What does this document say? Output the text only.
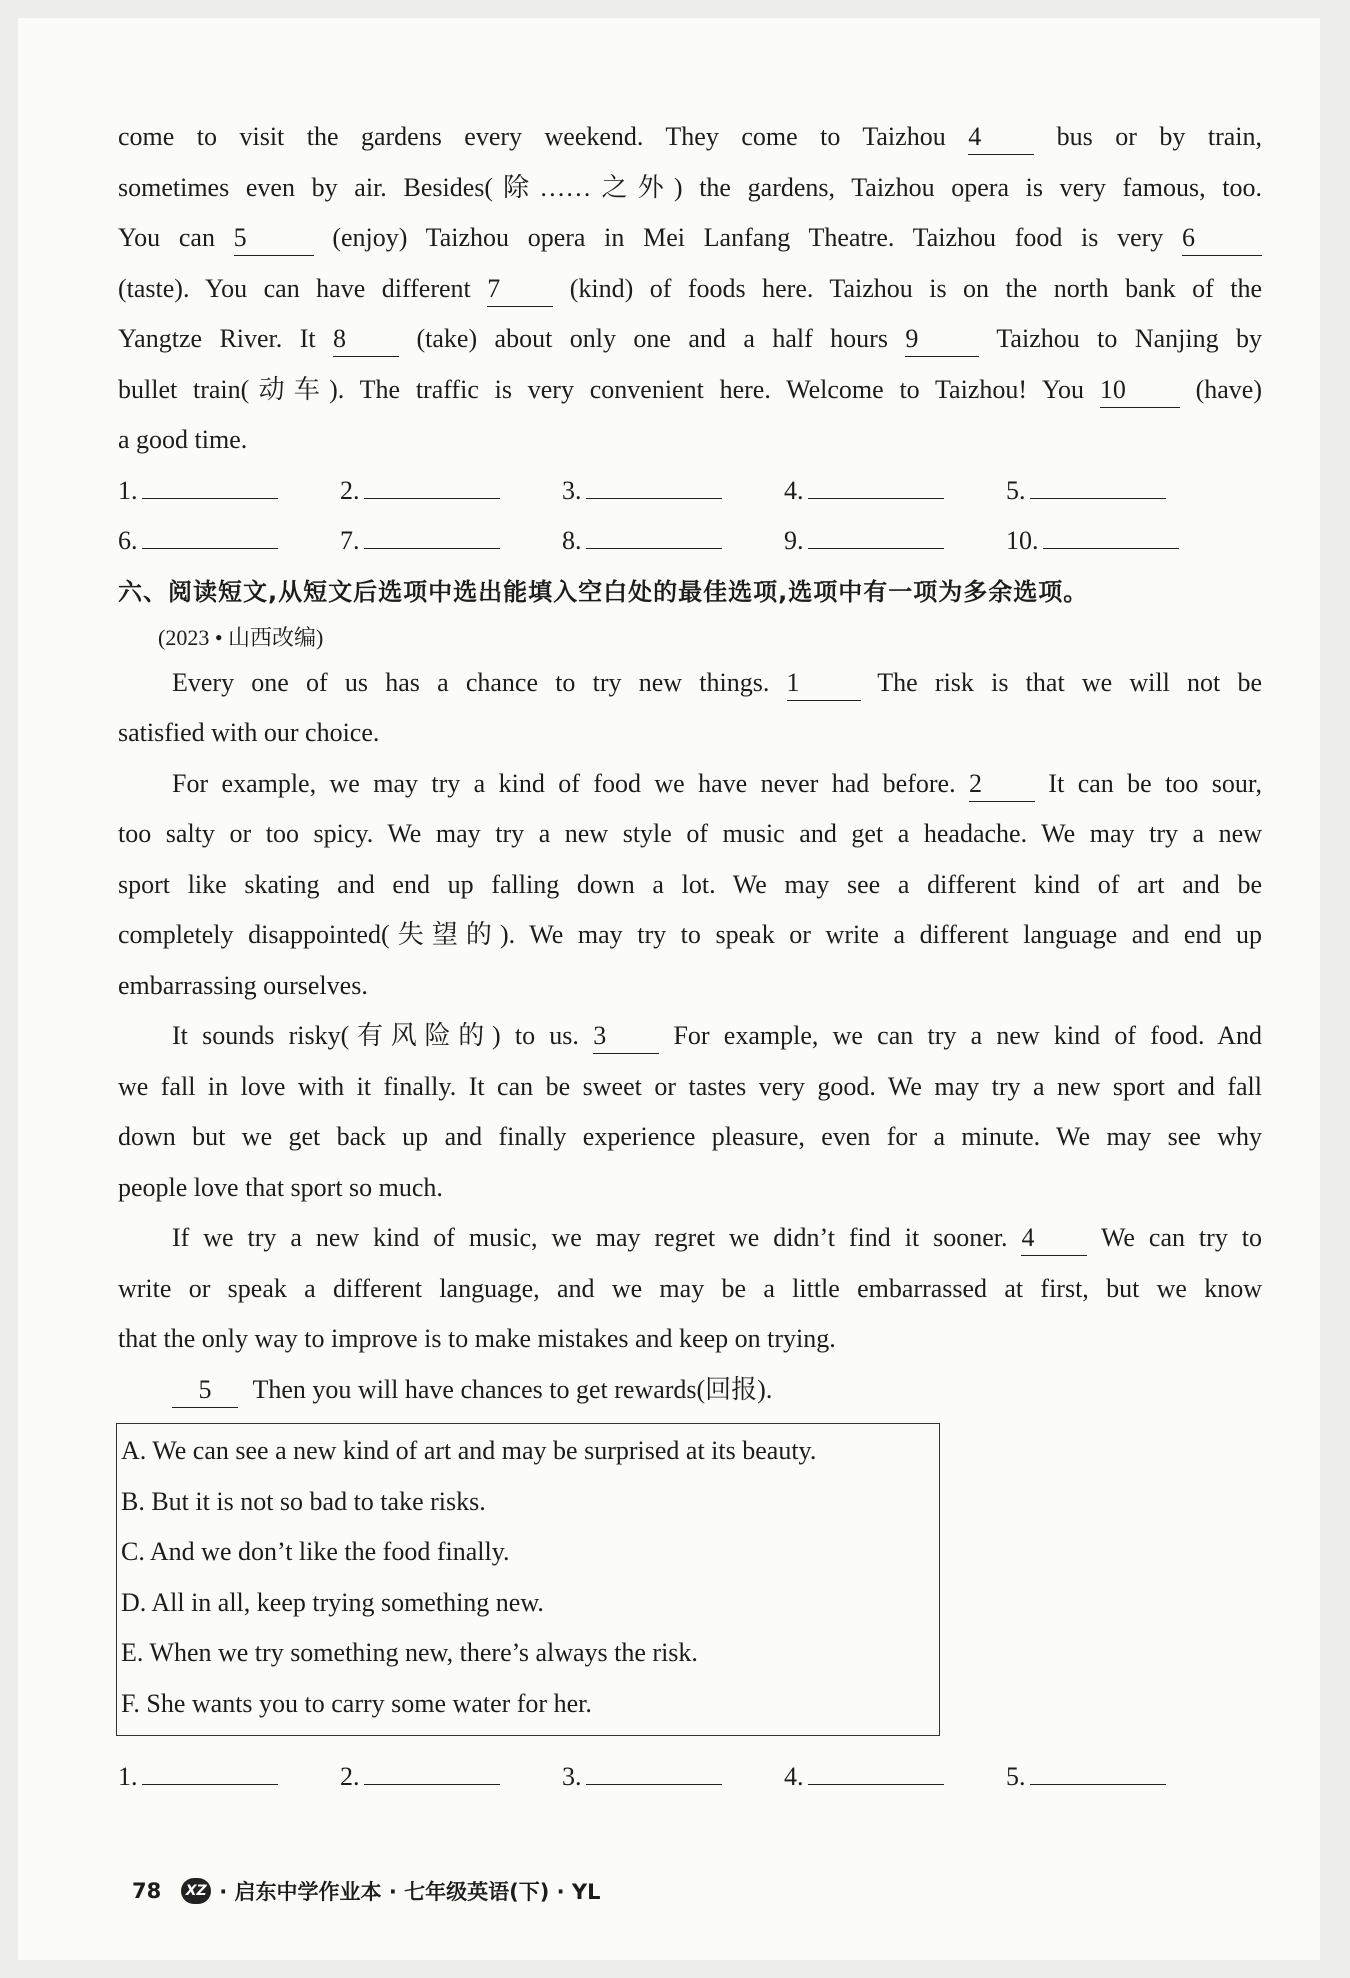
come to visit the gardens every weekend. They come to Taizhou 4	bus or by train,
sometimes even by air. Besides(除……之外) the gardens, Taizhou opera is very famous, too.
You can 5	(enjoy) Taizhou opera in Mei Lanfang Theatre. Taizhou food is very 6
(taste). You can have different 7	(kind) of foods here. Taizhou is on the north bank of the
Yangtze River. It 8	(take) about only one and a half hours 9	Taizhou to Nanjing by
bullet train(动车). The traffic is very convenient here. Welcome to Taizhou! You 10	(have)
a good time.
1.	2.	3.	4.	5.
6.	7.	8.	9.	10.
六、阅读短文,从短文后选项中选出能填入空白处的最佳选项,选项中有一项为多余选项。
(2023 • 山西改编)
Every one of us has a chance to try new things. 1	The risk is that we will not be
satisfied with our choice.
For example, we may try a kind of food we have never had before. 2	It can be too sour,
too salty or too spicy. We may try a new style of music and get a headache. We may try a new
sport like skating and end up falling down a lot. We may see a different kind of art and be
completely disappointed(失望的). We may try to speak or write a different language and end up
embarrassing ourselves.
It sounds risky(有风险的) to us. 3	For example, we can try a new kind of food. And
we fall in love with it finally. It can be sweet or tastes very good. We may try a new sport and fall
down but we get back up and finally experience pleasure, even for a minute. We may see why
people love that sport so much.
If we try a new kind of music, we may regret we didn’t find it sooner. 4	We can try to
write or speak a different language, and we may be a little embarrassed at first, but we know
that the only way to improve is to make mistakes and keep on trying.
5 Then you will have chances to get rewards(回报).
A. We can see a new kind of art and may be surprised at its beauty.
B. But it is not so bad to take risks.
C. And we don’t like the food finally.
D. All in all, keep trying something new.
E. When we try something new, there’s always the risk.
F. She wants you to carry some water for her.
1.	2.	3.	4.	5.
78	XZ · 启东中学作业本 · 七年级英语(下) · YL
